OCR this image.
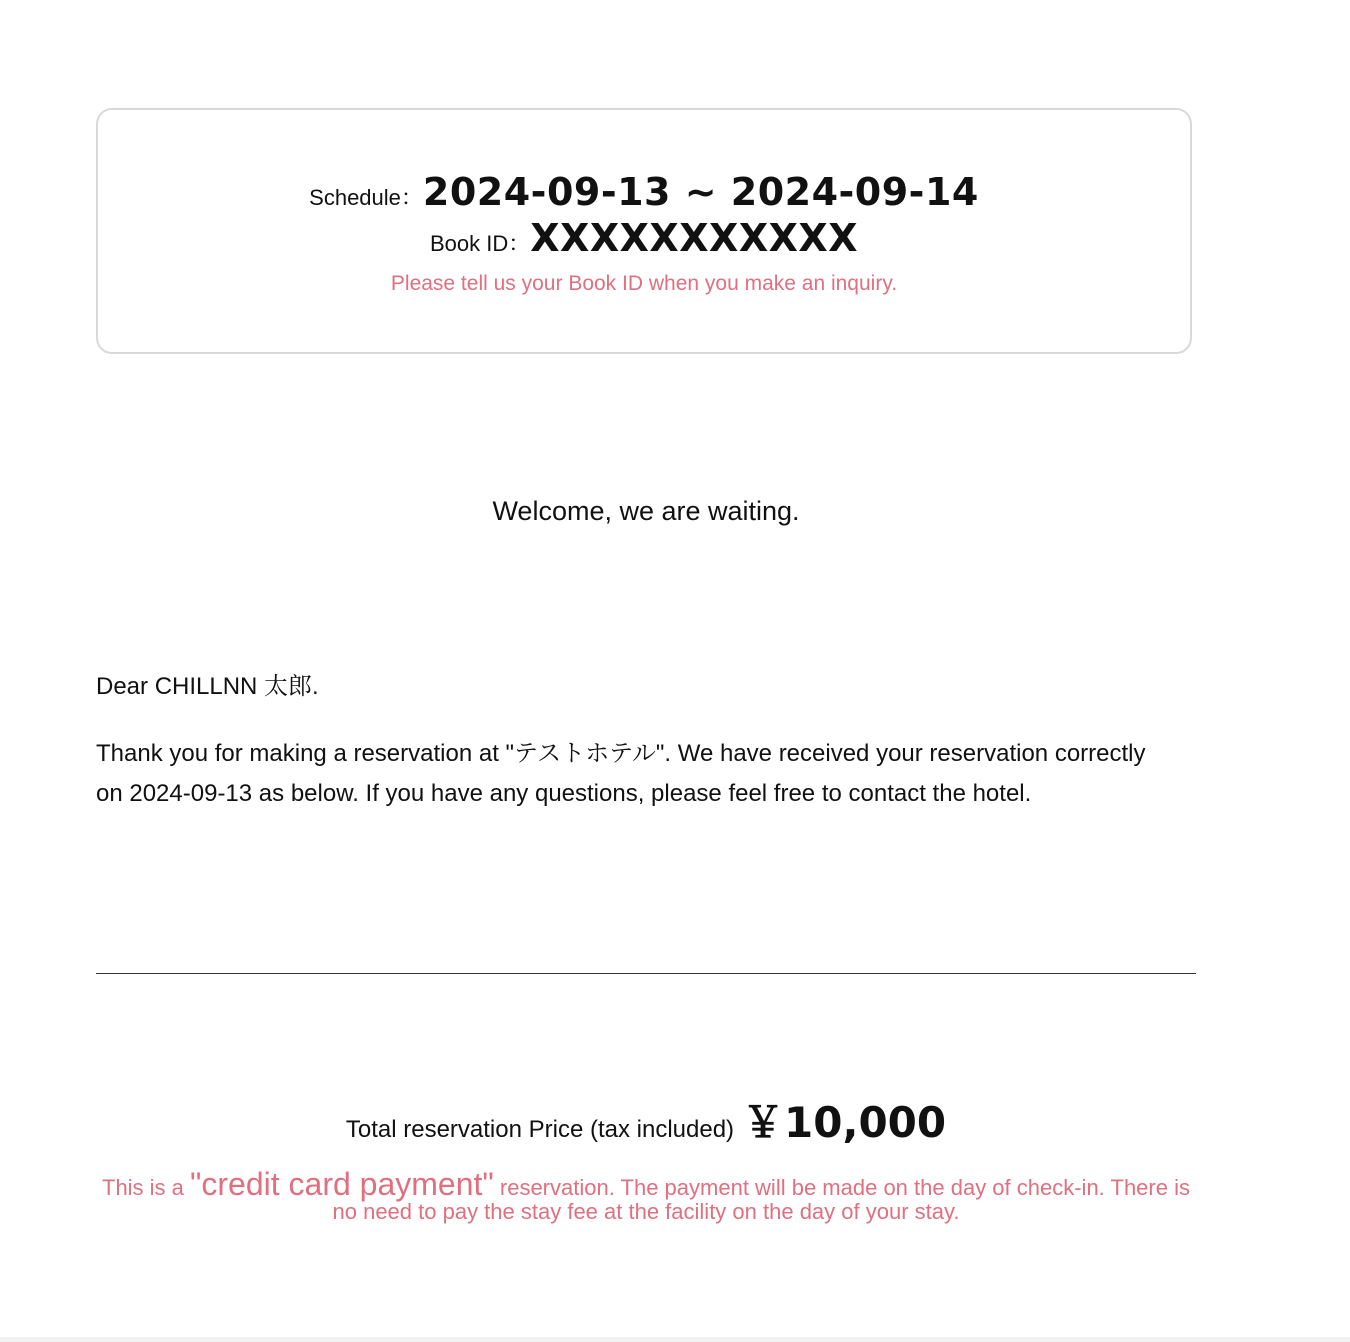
Schedule：2024-09-13 ~ 2024-09-14
Book ID：XXXXXXXXXXX
Please tell us your Book ID when you make an inquiry.
Welcome, we are waiting.
Dear CHILLNN 太郎.
Thank you for making a reservation at "テストホテル". We have received your reservation correctly on 2024-09-13 as below. If you have any questions, please feel free to contact the hotel.
Total reservation Price (tax included) ￥10,000
This is a "credit card payment" reservation. The payment will be made on the day of check-in. There is no need to pay the stay fee at the facility on the day of your stay.
